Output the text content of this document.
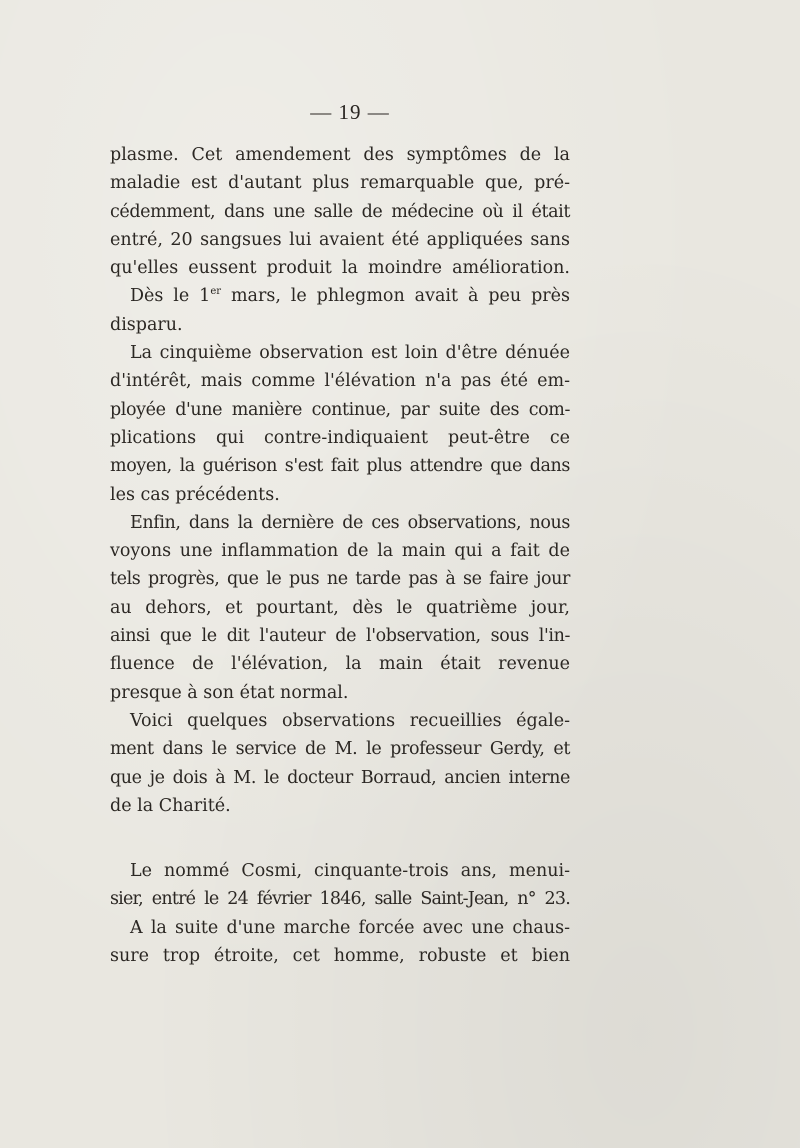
— 19 —
plasme. Cet amendement des symptômes de la
maladie est d'autant plus remarquable que, pré-
cédemment, dans une salle de médecine où il était
entré, 20 sangsues lui avaient été appliquées sans
qu'elles eussent produit la moindre amélioration.
Dès le 1er mars, le phlegmon avait à peu près
disparu.
La cinquième observation est loin d'être dénuée
d'intérêt, mais comme l'élévation n'a pas été em-
ployée d'une manière continue, par suite des com-
plications qui contre-indiquaient peut-être ce
moyen, la guérison s'est fait plus attendre que dans
les cas précédents.
Enfin, dans la dernière de ces observations, nous
voyons une inflammation de la main qui a fait de
tels progrès, que le pus ne tarde pas à se faire jour
au dehors, et pourtant, dès le quatrième jour,
ainsi que le dit l'auteur de l'observation, sous l'in-
fluence de l'élévation, la main était revenue
presque à son état normal.
Voici quelques observations recueillies égale-
ment dans le service de M. le professeur Gerdy, et
que je dois à M. le docteur Borraud, ancien interne
de la Charité.
Le nommé Cosmi, cinquante-trois ans, menui-
sier, entré le 24 février 1846, salle Saint-Jean, n° 23.
A la suite d'une marche forcée avec une chaus-
sure trop étroite, cet homme, robuste et bien
